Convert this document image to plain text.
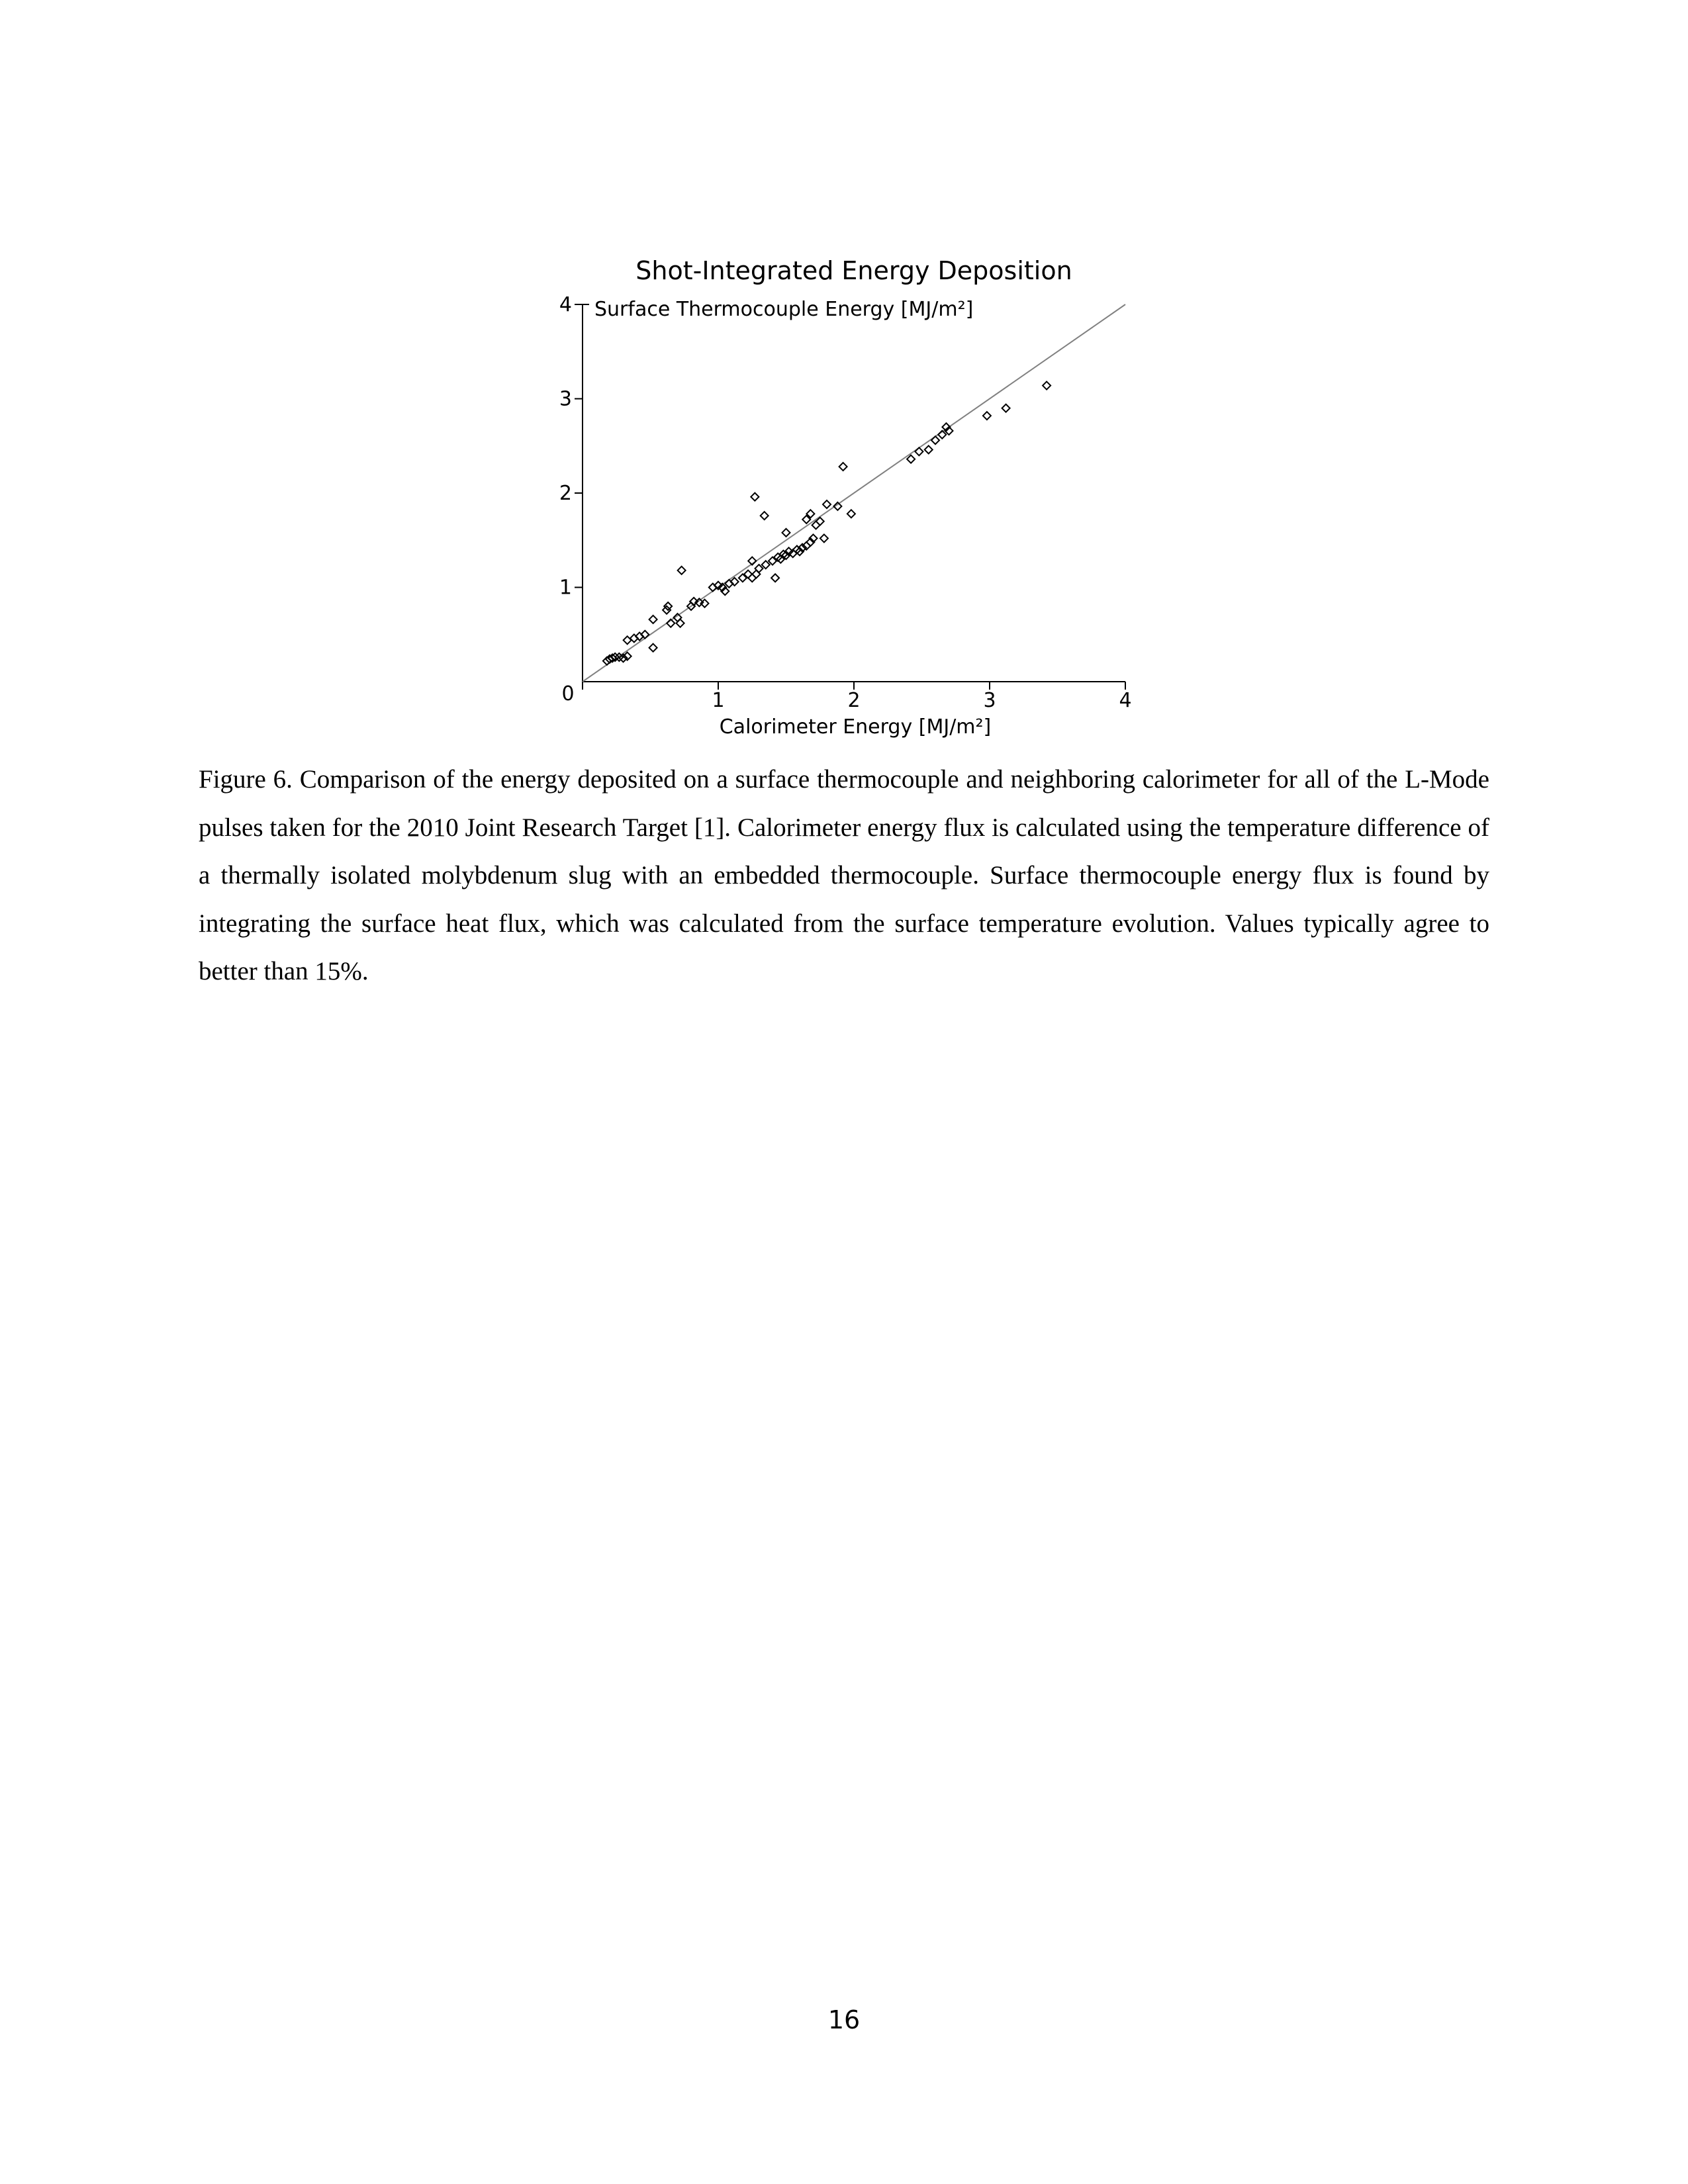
Shot-Integrated Energy Deposition
Surface Thermocouple Energy [MJ/m²]
0	1	2	3	4
1
2
3
4
Calorimeter Energy [MJ/m²]

Figure 6. Comparison of the energy deposited on a surface thermocouple and neighboring calorimeter for all of the L-Mode pulses taken for the 2010 Joint Research Target [1]. Calorimeter energy flux is calculated using the temperature difference of a thermally isolated molybdenum slug with an embedded thermocouple. Surface thermocouple energy flux is found by integrating the surface heat flux, which was calculated from the surface temperature evolution. Values typically agree to better than 15%.

16
